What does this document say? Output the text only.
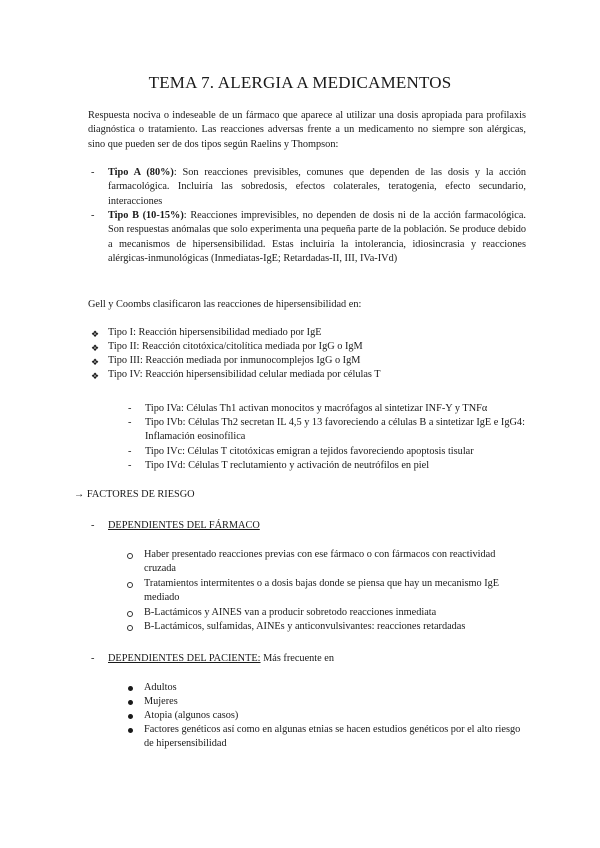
TEMA 7. ALERGIA A MEDICAMENTOS
Respuesta nociva o indeseable de un fármaco que aparece al utilizar una dosis apropiada para profilaxis diagnóstica o tratamiento. Las reacciones adversas frente a un medicamento no siempre son alérgicas, sino que pueden ser de dos tipos según Raelins y Thompson:
- Tipo A (80%): Son reacciones previsibles, comunes que dependen de las dosis y la acción farmacológica. Incluiría las sobredosis, efectos colaterales, teratogenia, efecto secundario, interacciones
- Tipo B (10-15%): Reacciones imprevisibles, no dependen de dosis ni de la acción farmacológica. Son respuestas anómalas que solo experimenta una pequeña parte de la población. Se produce debido a mecanismos de hipersensibilidad. Estas incluiría la intolerancia, idiosincrasia y reacciones alérgicas-inmunológicas (Inmediatas-IgE; Retardadas-II, III, IVa-IVd)
Gell y Coombs clasificaron las reacciones de hipersensibilidad en:
❖ Tipo I: Reacción hipersensibilidad mediado por IgE
❖ Tipo II: Reacción citotóxica/citolítica mediada por IgG o IgM
❖ Tipo III: Reacción mediada por inmunocomplejos IgG o IgM
❖ Tipo IV: Reacción hipersensibilidad celular mediada por células T
- Tipo IVa: Células Th1 activan monocitos y macrófagos al sintetizar INF-Y y TNFα
- Tipo IVb: Células Th2 secretan IL 4,5 y 13 favoreciendo a células B a sintetizar IgE e IgG4: Inflamación eosinofílica
- Tipo IVc: Células T citotóxicas emigran a tejidos favoreciendo apoptosis tisular
- Tipo IVd: Células T reclutamiento y activación de neutrófilos en piel
→ FACTORES DE RIESGO
- DEPENDIENTES DEL FÁRMACO
Haber presentado reacciones previas con ese fármaco o con fármacos con reactividad cruzada
Tratamientos intermitentes o a dosis bajas donde se piensa que hay un mecanismo IgE mediado
B-Lactámicos y AINES van a producir sobretodo reacciones inmediata
B-Lactámicos, sulfamidas, AINEs y anticonvulsivantes: reacciones retardadas
- DEPENDIENTES DEL PACIENTE: Más frecuente en
Adultos
Mujeres
Atopia (algunos casos)
Factores genéticos así como en algunas etnias se hacen estudios genéticos por el alto riesgo de hipersensibilidad
